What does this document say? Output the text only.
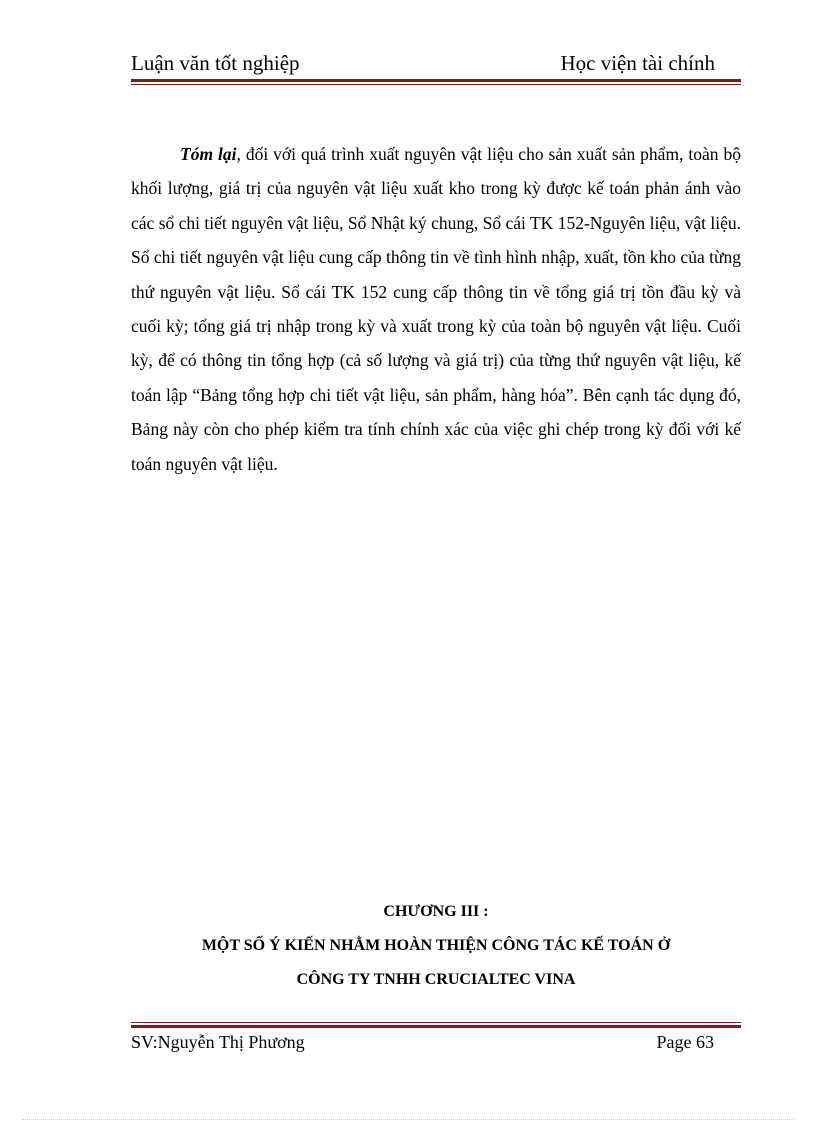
Luận văn tốt nghiệp	Học viện tài chính

Tóm lại, đối với quá trình xuất nguyên vật liệu cho sản xuất sản phẩm, toàn bộ khối lượng, giá trị của nguyên vật liệu xuất kho trong kỳ được kế toán phản ánh vào các sổ chi tiết nguyên vật liệu, Sổ Nhật ký chung, Sổ cái TK 152-Nguyên liệu, vật liệu. Sổ chi tiết nguyên vật liệu cung cấp thông tin về tình hình nhập, xuất, tồn kho của từng thứ nguyên vật liệu. Sổ cái TK 152 cung cấp thông tin về tổng giá trị tồn đầu kỳ và cuối kỳ; tổng giá trị nhập trong kỳ và xuất trong kỳ của toàn bộ nguyên vật liệu. Cuối kỳ, để có thông tin tổng hợp (cả số lượng và giá trị) của từng thứ nguyên vật liệu, kế toán lập “Bảng tổng hợp chi tiết vật liệu, sản phẩm, hàng hóa”. Bên cạnh tác dụng đó, Bảng này còn cho phép kiểm tra tính chính xác của việc ghi chép trong kỳ đối với kế toán nguyên vật liệu.

CHƯƠNG III :
MỘT SỐ Ý KIẾN NHẰM HOÀN THIỆN CÔNG TÁC KẾ TOÁN Ở
CÔNG TY TNHH CRUCIALTEC VINA
SV:Nguyễn Thị Phương	Page 63
